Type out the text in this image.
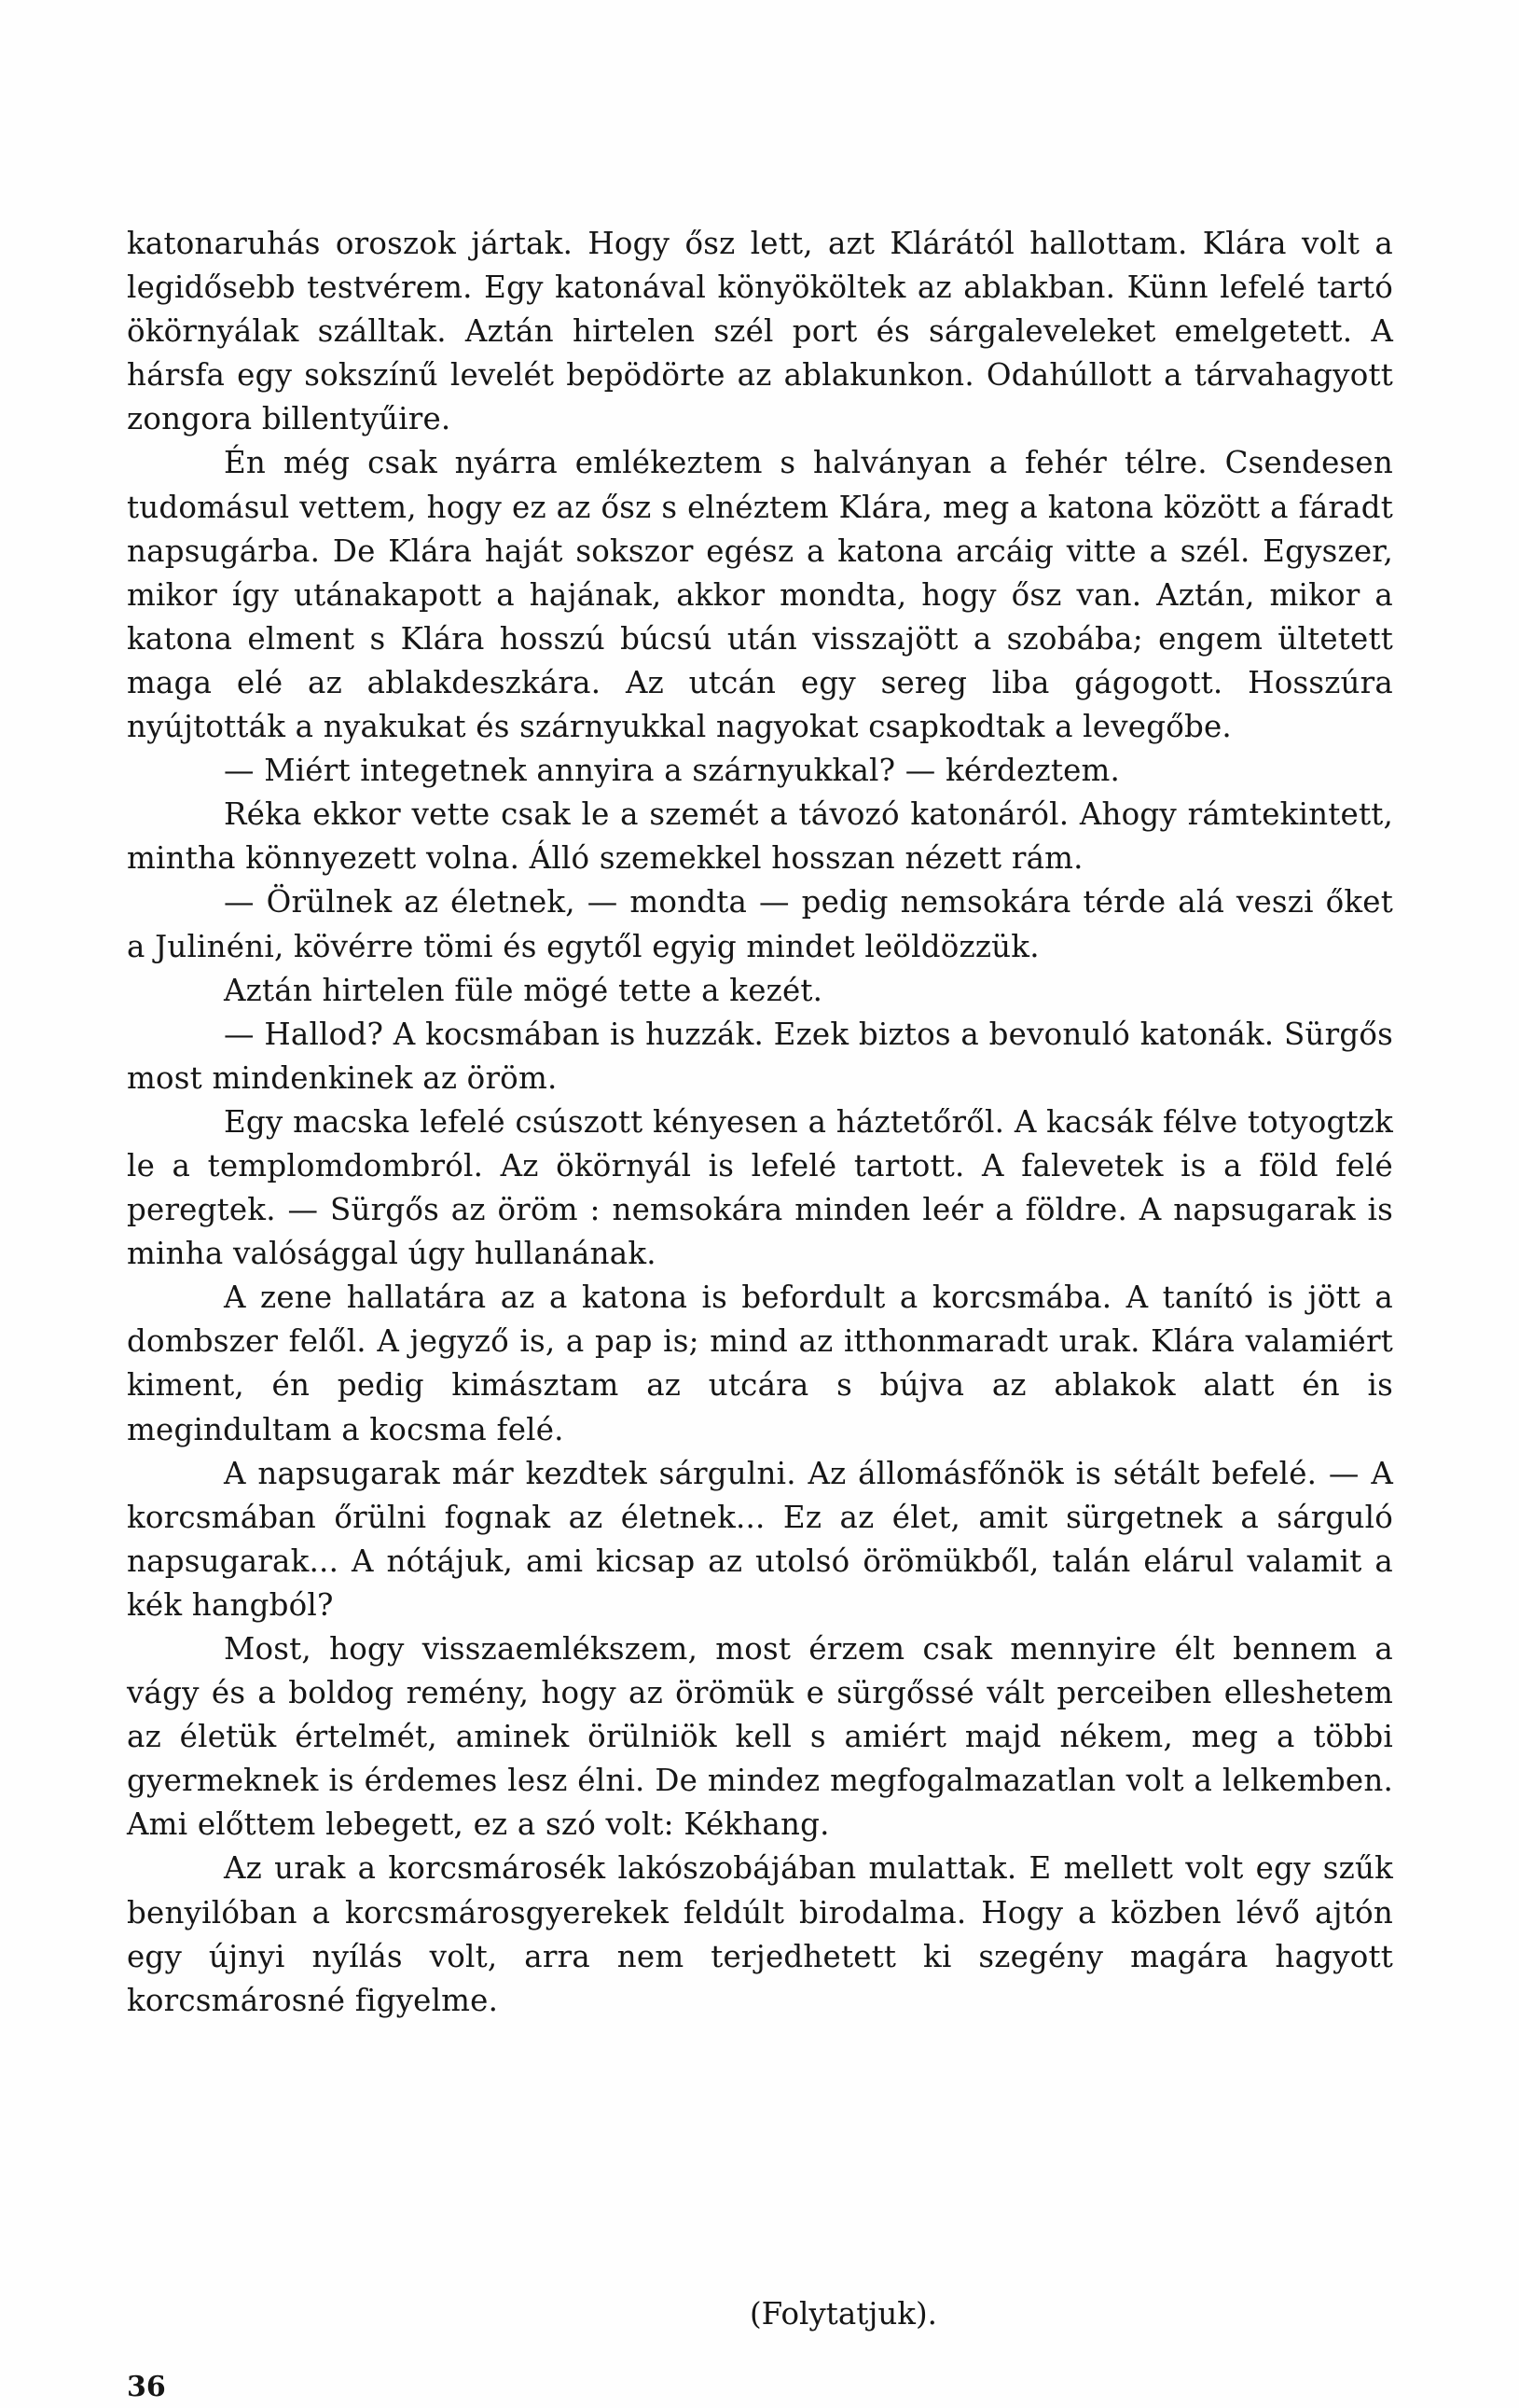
katonaruhás oroszok jártak. Hogy ősz lett, azt Klárától hallottam. Klára volt a legidősebb testvérem. Egy katonával könyököltek az ablakban. Künn lefelé tartó ökörnyálak szálltak. Aztán hirtelen szél port és sárgaleveleket emelgetett. A hársfa egy sokszínű levelét bepödörte az ablakunkon. Odahúllott a tárvahagyott zongora billentyűire.

Én még csak nyárra emlékeztem s halványan a fehér télre. Csendesen tudomásul vettem, hogy ez az ősz s elnéztem Klára, meg a katona között a fáradt napsugárba. De Klára haját sokszor egész a katona arcáig vitte a szél. Egyszer, mikor így utánakapott a hajának, akkor mondta, hogy ősz van. Aztán, mikor a katona elment s Klára hosszú búcsú után visszajött a szobába; engem ültetett maga elé az ablakdeszkára. Az utcán egy sereg liba gágogott. Hosszúra nyújtották a nyakukat és szárnyukkal nagyokat csapkodtak a levegőbe.

— Miért integetnek annyira a szárnyukkal? — kérdeztem.

Réka ekkor vette csak le a szemét a távozó katonáról. Ahogy rámtekintett, mintha könnyezett volna. Álló szemekkel hosszan nézett rám.

— Örülnek az életnek, — mondta — pedig nemsokára térde alá veszi őket a Julinéni, kövérre tömi és egytől egyig mindet leöldözzük.

Aztán hirtelen füle mögé tette a kezét.

— Hallod? A kocsmában is huzzák. Ezek biztos a bevonuló katonák. Sürgős most mindenkinek az öröm.

Egy macska lefelé csúszott kényesen a háztetőről. A kacsák félve totyogtzk le a templomdombról. Az ökörnyál is lefelé tartott. A falevetek is a föld felé peregtek. — Sürgős az öröm : nemsokára minden leér a földre. A napsugarak is minha valósággal úgy hullanának.

A zene hallatára az a katona is befordult a korcsmába. A tanító is jött a dombszer felől. A jegyző is, a pap is; mind az itthonmaradt urak. Klára valamiért kiment, én pedig kimásztam az utcára s bújva az ablakok alatt én is megindultam a kocsma felé.

A napsugarak már kezdtek sárgulni. Az állomásfőnök is sétált befelé. — A korcsmában őrülni fognak az életnek... Ez az élet, amit sürgetnek a sárguló napsugarak... A nótájuk, ami kicsap az utolsó örömükből, talán elárul valamit a kék hangból?

Most, hogy visszaemlékszem, most érzem csak mennyire élt bennem a vágy és a boldog remény, hogy az örömük e sürgőssé vált perceiben elleshetem az életük értelmét, aminek örülniök kell s amiért majd nékem, meg a többi gyermeknek is érdemes lesz élni. De mindez megfogalmazatlan volt a lelkemben. Ami előttem lebegett, ez a szó volt: Kékhang.

Az urak a korcsmárosék lakószobájában mulattak. E mellett volt egy szűk benyilóban a korcsmárosgyerekek feldúlt birodalma. Hogy a közben lévő ajtón egy újnyi nyílás volt, arra nem terjedhetett ki szegény magára hagyott korcsmárosné figyelme.

(Folytatjuk).
36
